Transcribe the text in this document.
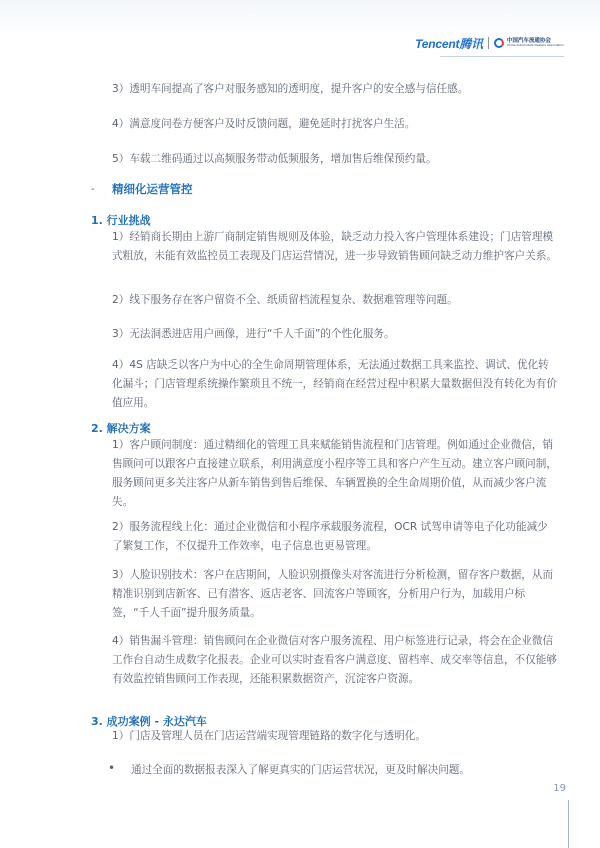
Tencent腾讯	中国汽车流通协会
China Automobile Dealers Association
3）透明车间提高了客户对服务感知的透明度，提升客户的安全感与信任感。
4）满意度问卷方便客户及时反馈问题，避免延时打扰客户生活。
5）车载二维码通过以高频服务带动低频服务，增加售后维保预约量。
- 精细化运营管控
1. 行业挑战
1）经销商长期由上游厂商制定销售规则及体验，缺乏动力投入客户管理体系建设；门店管理模式粗放，未能有效监控员工表现及门店运营情况，进一步导致销售顾问缺乏动力维护客户关系。
2）线下服务存在客户留资不全、纸质留档流程复杂、数据难管理等问题。
3）无法洞悉进店用户画像，进行“千人千面”的个性化服务。
4）4S 店缺乏以客户为中心的全生命周期管理体系，无法通过数据工具来监控、调试、优化转化漏斗；门店管理系统操作繁琐且不统一，经销商在经营过程中积累大量数据但没有转化为有价值应用。
2. 解决方案
1）客户顾问制度：通过精细化的管理工具来赋能销售流程和门店管理。例如通过企业微信，销售顾问可以跟客户直接建立联系，利用满意度小程序等工具和客户产生互动。建立客户顾问制，服务顾问更多关注客户从新车销售到售后维保、车辆置换的全生命周期价值，从而减少客户流失。
2）服务流程线上化：通过企业微信和小程序承载服务流程，OCR 试驾申请等电子化功能减少了繁复工作，不仅提升工作效率，电子信息也更易管理。
3）人脸识别技术：客户在店期间，人脸识别摄像头对客流进行分析检测，留存客户数据，从而精准识别到店新客、已有潜客、返店老客、回流客户等顾客，分析用户行为，加载用户标签，“千人千面”提升服务质量。
4）销售漏斗管理：销售顾问在企业微信对客户服务流程、用户标签进行记录，将会在企业微信工作台自动生成数字化报表。企业可以实时查看客户满意度、留档率、成交率等信息，不仅能够有效监控销售顾问工作表现，还能积累数据资产，沉淀客户资源。
3. 成功案例 - 永达汽车
1）门店及管理人员在门店运营端实现管理链路的数字化与透明化。
• 通过全面的数据报表深入了解更真实的门店运营状况，更及时解决问题。
19
